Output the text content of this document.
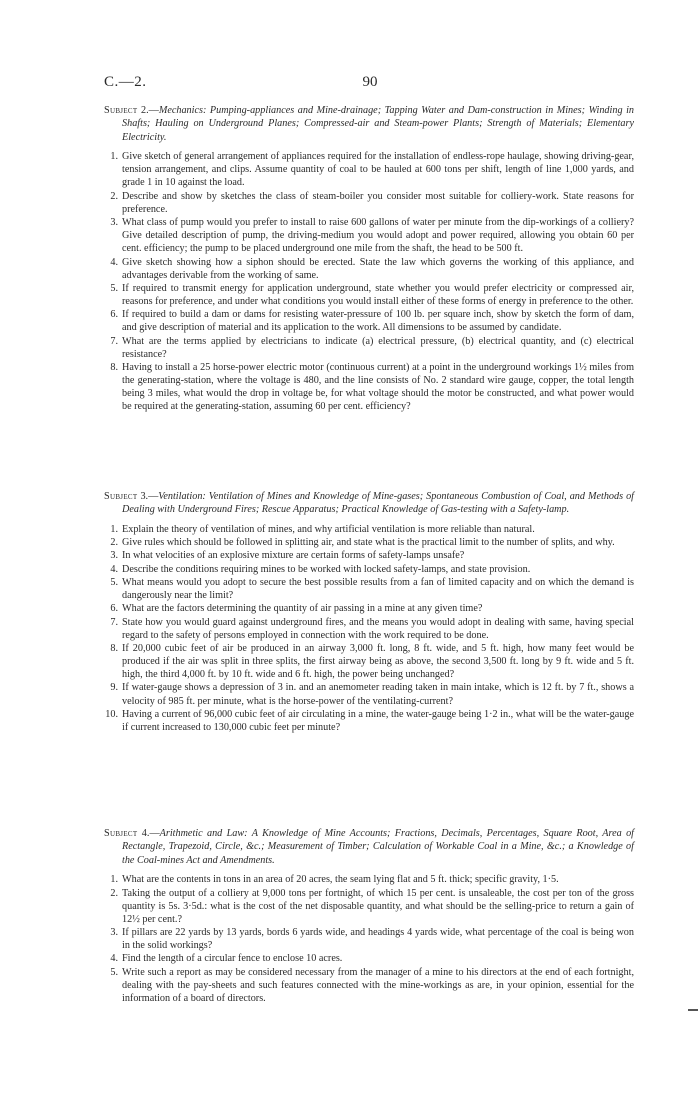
C.—2.	90

Subject 2.—Mechanics: Pumping-appliances and Mine-drainage; Tapping Water and Dam-construction in Mines; Winding in Shafts; Hauling on Underground Planes; Compressed-air and Steam-power Plants; Strength of Materials; Elementary Electricity.

1. Give sketch of general arrangement of appliances required for the installation of endless-rope haulage, showing driving-gear, tension arrangement, and clips. Assume quantity of coal to be hauled at 600 tons per shift, length of line 1,000 yards, and grade 1 in 10 against the load.
2. Describe and show by sketches the class of steam-boiler you consider most suitable for colliery-work. State reasons for preference.
3. What class of pump would you prefer to install to raise 600 gallons of water per minute from the dip-workings of a colliery? Give detailed description of pump, the driving-medium you would adopt and power required, allowing you obtain 60 per cent. efficiency; the pump to be placed underground one mile from the shaft, the head to be 500 ft.
4. Give sketch showing how a siphon should be erected. State the law which governs the working of this appliance, and advantages derivable from the working of same.
5. If required to transmit energy for application underground, state whether you would prefer electricity or compressed air, reasons for preference, and under what conditions you would install either of these forms of energy in preference to the other.
6. If required to build a dam or dams for resisting water-pressure of 100 lb. per square inch, show by sketch the form of dam, and give description of material and its application to the work. All dimensions to be assumed by candidate.
7. What are the terms applied by electricians to indicate (a) electrical pressure, (b) electrical quantity, and (c) electrical resistance?
8. Having to install a 25 horse-power electric motor (continuous current) at a point in the underground workings 1½ miles from the generating-station, where the voltage is 480, and the line consists of No. 2 standard wire gauge, copper, the total length being 3 miles, what would the drop in voltage be, for what voltage should the motor be constructed, and what power would be required at the generating-station, assuming 60 per cent. efficiency?

Subject 3.—Ventilation: Ventilation of Mines and Knowledge of Mine-gases; Spontaneous Combustion of Coal, and Methods of Dealing with Underground Fires; Rescue Apparatus; Practical Knowledge of Gas-testing with a Safety-lamp.

1. Explain the theory of ventilation of mines, and why artificial ventilation is more reliable than natural.
2. Give rules which should be followed in splitting air, and state what is the practical limit to the number of splits, and why.
3. In what velocities of an explosive mixture are certain forms of safety-lamps unsafe?
4. Describe the conditions requiring mines to be worked with locked safety-lamps, and state provision.
5. What means would you adopt to secure the best possible results from a fan of limited capacity and on which the demand is dangerously near the limit?
6. What are the factors determining the quantity of air passing in a mine at any given time?
7. State how you would guard against underground fires, and the means you would adopt in dealing with same, having special regard to the safety of persons employed in connection with the work required to be done.
8. If 20,000 cubic feet of air be produced in an airway 3,000 ft. long, 8 ft. wide, and 5 ft. high, how many feet would be produced if the air was split in three splits, the first airway being as above, the second 3,500 ft. long by 9 ft. wide and 5 ft. high, the third 4,000 ft. by 10 ft. wide and 6 ft. high, the power being unchanged?
9. If water-gauge shows a depression of 3 in. and an anemometer reading taken in main intake, which is 12 ft. by 7 ft., shows a velocity of 985 ft. per minute, what is the horse-power of the ventilating-current?
10. Having a current of 96,000 cubic feet of air circulating in a mine, the water-gauge being 1·2 in., what will be the water-gauge if current increased to 130,000 cubic feet per minute?

Subject 4.—Arithmetic and Law: A Knowledge of Mine Accounts; Fractions, Decimals, Percentages, Square Root, Area of Rectangle, Trapezoid, Circle, &c.; Measurement of Timber; Calculation of Workable Coal in a Mine, &c.; a Knowledge of the Coal-mines Act and Amendments.

1. What are the contents in tons in an area of 20 acres, the seam lying flat and 5 ft. thick; specific gravity, 1·5.
2. Taking the output of a colliery at 9,000 tons per fortnight, of which 15 per cent. is unsaleable, the cost per ton of the gross quantity is 5s. 3·5d.: what is the cost of the net disposable quantity, and what should be the selling-price to return a gain of 12½ per cent.?
3. If pillars are 22 yards by 13 yards, bords 6 yards wide, and headings 4 yards wide, what percentage of the coal is being won in the solid workings?
4. Find the length of a circular fence to enclose 10 acres.
5. Write such a report as may be considered necessary from the manager of a mine to his directors at the end of each fortnight, dealing with the pay-sheets and such features connected with the mine-workings as are, in your opinion, essential for the information of a board of directors.
